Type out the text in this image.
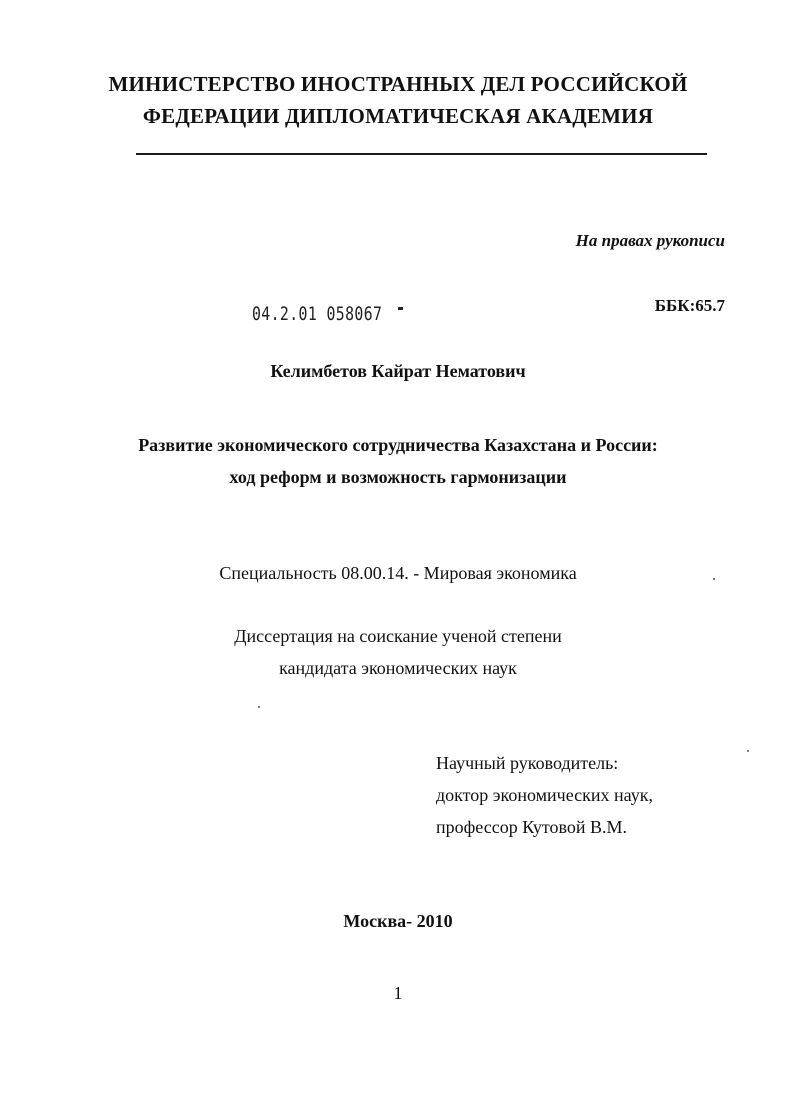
МИНИСТЕРСТВО ИНОСТРАННЫХ ДЕЛ РОССИЙСКОЙ
ФЕДЕРАЦИИ ДИПЛОМАТИЧЕСКАЯ АКАДЕМИЯ
На правах рукописи
04.2.01 058067	ББК:65.7
Келимбетов Кайрат Нематович
Развитие экономического сотрудничества Казахстана и России:
ход реформ и возможность гармонизации
Специальность 08.00.14. - Мировая экономика
Диссертация на соискание ученой степени
кандидата экономических наук
Научный руководитель:
доктор экономических наук,
профессор Кутовой В.М.
Москва- 2010
1
